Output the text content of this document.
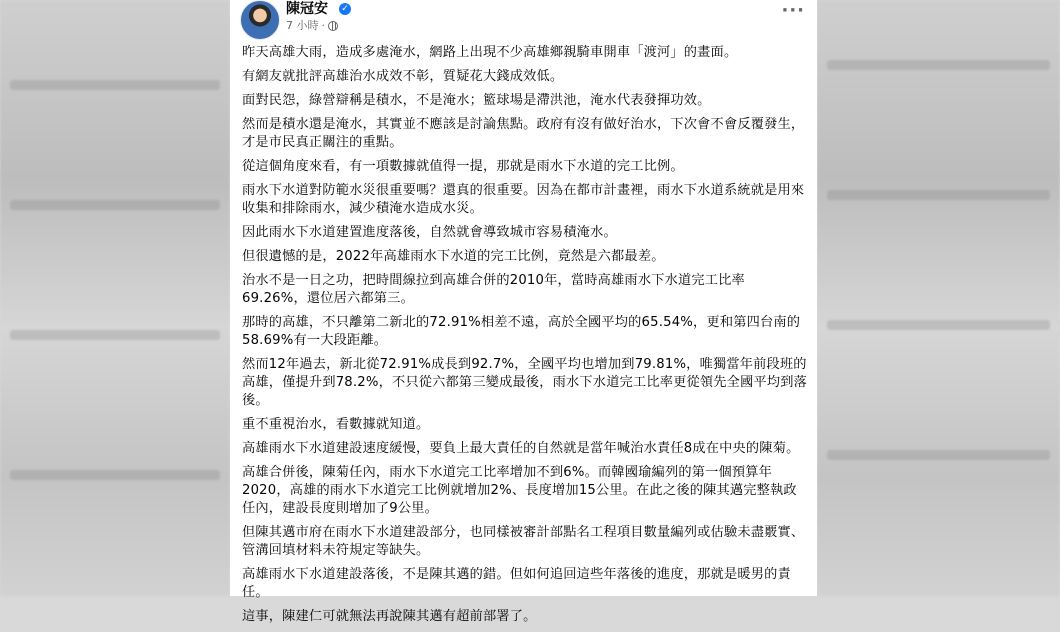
陳冠安 ✓
7 小時 ·
···

昨天高雄大雨，造成多處淹水，網路上出現不少高雄鄉親騎車開車「渡河」的畫面。

有網友就批評高雄治水成效不彰，質疑花大錢成效低。

面對民怨，綠營辯稱是積水，不是淹水；籃球場是滯洪池，淹水代表發揮功效。

然而是積水還是淹水，其實並不應該是討論焦點。政府有沒有做好治水，下次會不會反覆發生，才是市民真正關注的重點。

從這個角度來看，有一項數據就值得一提，那就是雨水下水道的完工比例。

雨水下水道對防範水災很重要嗎？還真的很重要。因為在都市計畫裡，雨水下水道系統就是用來收集和排除雨水，減少積淹水造成水災。

因此雨水下水道建置進度落後，自然就會導致城市容易積淹水。

但很遺憾的是，2022年高雄雨水下水道的完工比例，竟然是六都最差。

治水不是一日之功，把時間線拉到高雄合併的2010年，當時高雄雨水下水道完工比率69.26%，還位居六都第三。

那時的高雄，不只離第二新北的72.91%相差不遠，高於全國平均的65.54%，更和第四台南的58.69%有一大段距離。

然而12年過去，新北從72.91%成長到92.7%，全國平均也增加到79.81%，唯獨當年前段班的高雄，僅提升到78.2%，不只從六都第三變成最後，雨水下水道完工比率更從領先全國平均到落後。

重不重視治水，看數據就知道。

高雄雨水下水道建設速度緩慢，要負上最大責任的自然就是當年喊治水責任8成在中央的陳菊。

高雄合併後，陳菊任內，雨水下水道完工比率增加不到6%。而韓國瑜編列的第一個預算年2020，高雄的雨水下水道完工比例就增加2%、長度增加15公里。在此之後的陳其邁完整執政任內，建設長度則增加了9公里。

但陳其邁市府在雨水下水道建設部分，也同樣被審計部點名工程項目數量編列或估驗未盡覈實、管溝回填材料未符規定等缺失。

高雄雨水下水道建設落後，不是陳其邁的錯。但如何追回這些年落後的進度，那就是暖男的責任。

這事，陳建仁可就無法再說陳其邁有超前部署了。
